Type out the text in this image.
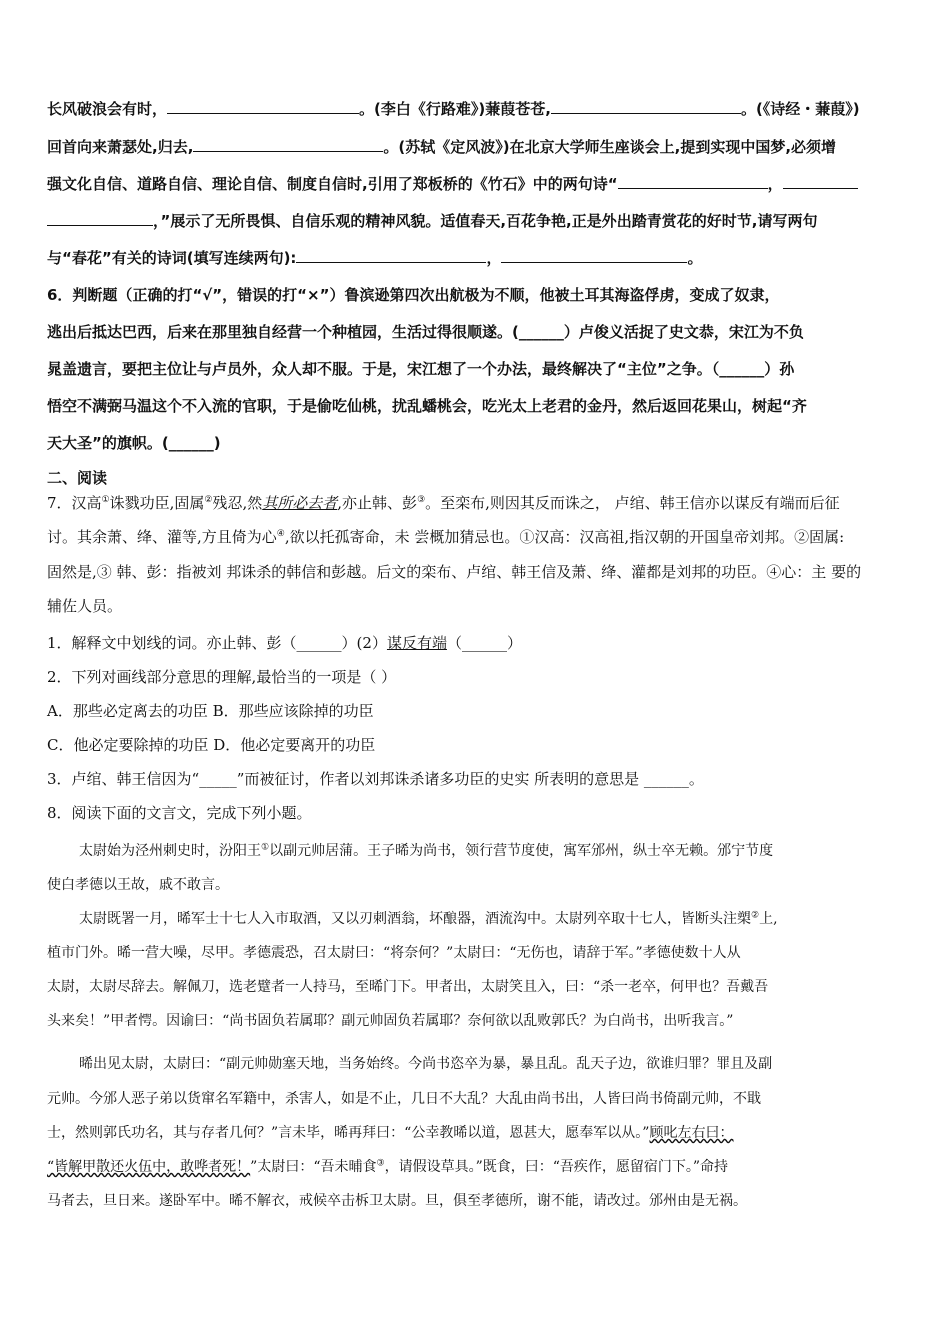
长风破浪会有时，	。(李白《行路难》)蒹葭苍苍,	。(《诗经・蒹葭》)
回首向来萧瑟处,归去,	。(苏轼《定风波》)在北京大学师生座谈会上,提到实现中国梦,必须增
强文化自信、道路自信、理论自信、制度自信时,引用了郑板桥的《竹石》中的两句诗“	，
，”展示了无所畏惧、自信乐观的精神风貌。适值春天,百花争艳,正是外出踏青赏花的好时节,请写两句
与“春花”有关的诗词(填写连续两句):	，	。
6．判断题（正确的打“√”，错误的打“×”）鲁滨逊第四次出航极为不顺，他被土耳其海盗俘虏，变成了奴隶，
逃出后抵达巴西，后来在那里独自经营一个种植园，生活过得很顺遂。(______）卢俊义活捉了史文恭，宋江为不负
晁盖遗言，要把主位让与卢员外，众人却不服。于是，宋江想了一个办法，最终解决了“主位”之争。（______）孙
悟空不满弼马温这个不入流的官职，于是偷吃仙桃，扰乱蟠桃会，吃光太上老君的金丹，然后返回花果山，树起“齐
天大圣”的旗帜。(______)
二、阅读
7．汉高①诛戮功臣,固属②残忍,然其所必去者,亦止韩、彭③。至栾布,则因其反而诛之， 卢绾、韩王信亦以谋反有端而后征
讨。其余萧、绛、灌等,方且倚为心④,欲以托孤寄命，未 尝概加猜忌也。①汉高：汉高祖,指汉朝的开国皇帝刘邦。②固属:
固然是,③ 韩、彭：指被刘 邦诛杀的韩信和彭越。后文的栾布、卢绾、韩王信及萧、绛、灌都是刘邦的功臣。④心：主 要的
辅佐人员。
1．解释文中划线的词。亦止韩、彭（______）(2）谋反有端（______）
2．下列对画线部分意思的理解,最恰当的一项是（ ）
A．那些必定离去的功臣 B．那些应该除掉的功臣
C．他必定要除掉的功臣 D．他必定要离开的功臣
3．卢绾、韩王信因为“_____”而被征讨，作者以刘邦诛杀诸多功臣的史实 所表明的意思是 ______。
8．阅读下面的文言文，完成下列小题。
太尉始为泾州刺史时，汾阳王①以副元帅居蒲。王子晞为尚书，领行营节度使，寓军邠州，纵士卒无赖。邠宁节度
使白孝德以王故，戚不敢言。
太尉既署一月，晞军士十七人入市取酒，又以刃刺酒翁，坏酿器，酒流沟中。太尉列卒取十七人，皆断头注槊②上,
植市门外。晞一营大噪，尽甲。孝德震恐，召太尉曰：“将奈何？”太尉曰：“无伤也，请辞于军。”孝德使数十人从
太尉，太尉尽辞去。解佩刀，选老躄者一人持马，至晞门下。甲者出，太尉笑且入，曰：“杀一老卒，何甲也？吾戴吾
头来矣！”甲者愕。因谕曰：“尚书固负若属耶？副元帅固负若属耶？奈何欲以乱败郭氏？为白尚书，出听我言。”
晞出见太尉，太尉曰：“副元帅勋塞天地，当务始终。今尚书恣卒为暴，暴且乱。乱天子边，欲谁归罪？罪且及副
元帅。今邠人恶子弟以货窜名军籍中，杀害人，如是不止，几日不大乱？大乱由尚书出，人皆曰尚书倚副元帅，不戢
士，然则郭氏功名，其与存者几何？”言未毕，晞再拜曰：“公幸教晞以道，恩甚大，愿奉军以从。”顾叱左右曰：
“皆解甲散还火伍中，敢哗者死！”太尉曰：“吾未晡食③，请假设草具。”既食，曰：“吾疾作，愿留宿门下。”命持
马者去，旦日来。遂卧军中。晞不解衣，戒候卒击柝卫太尉。旦，俱至孝德所，谢不能，请改过。邠州由是无祸。
